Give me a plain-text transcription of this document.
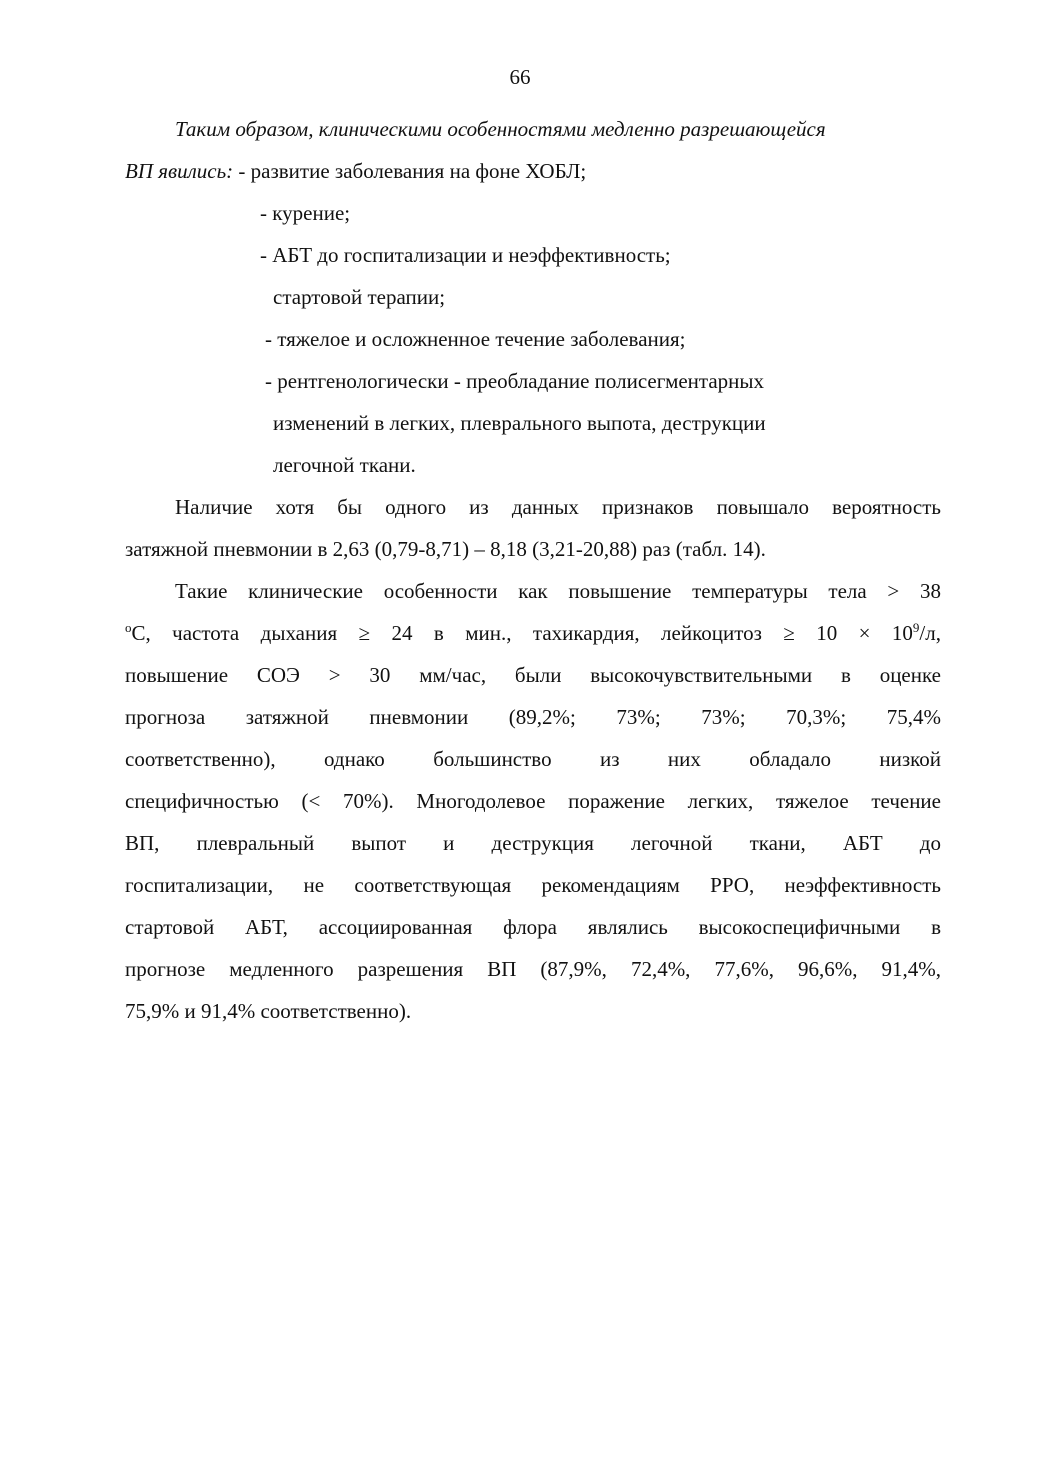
66
Таким образом, клиническими особенностями медленно разрешающейся
ВП явились: - развитие заболевания на фоне ХОБЛ;
- курение;
- АБТ до госпитализации и неэффективность;
стартовой терапии;
- тяжелое и осложненное течение заболевания;
- рентгенологически - преобладание полисегментарных
изменений в легких, плеврального выпота, деструкции
легочной ткани.
Наличие хотя бы одного из данных признаков повышало вероятность
затяжной пневмонии в 2,63 (0,79-8,71) – 8,18 (3,21-20,88) раз (табл. 14).
Такие клинические особенности как повышение температуры тела > 38
$^o$С, частота дыхания ≥ 24 в мин., тахикардия, лейкоцитоз ≥ $10 \times 10^9/л$,
повышение СОЭ > 30 мм/час, были высокочувствительными в оценке
прогноза затяжной пневмонии (89,2%; 73%; 73%; 70,3%; 75,4%
соответственно), однако большинство из них обладало низкой
специфичностью (< 70%). Многодолевое поражение легких, тяжелое течение
ВП, плевральный выпот и деструкция легочной ткани, АБТ до
госпитализации, не соответствующая рекомендациям РРО, неэффективность
стартовой АБТ, ассоциированная флора являлись высокоспецифичными в
прогнозе медленного разрешения ВП (87,9%, 72,4%, 77,6%, 96,6%, 91,4%,
75,9% и 91,4% соответственно).
